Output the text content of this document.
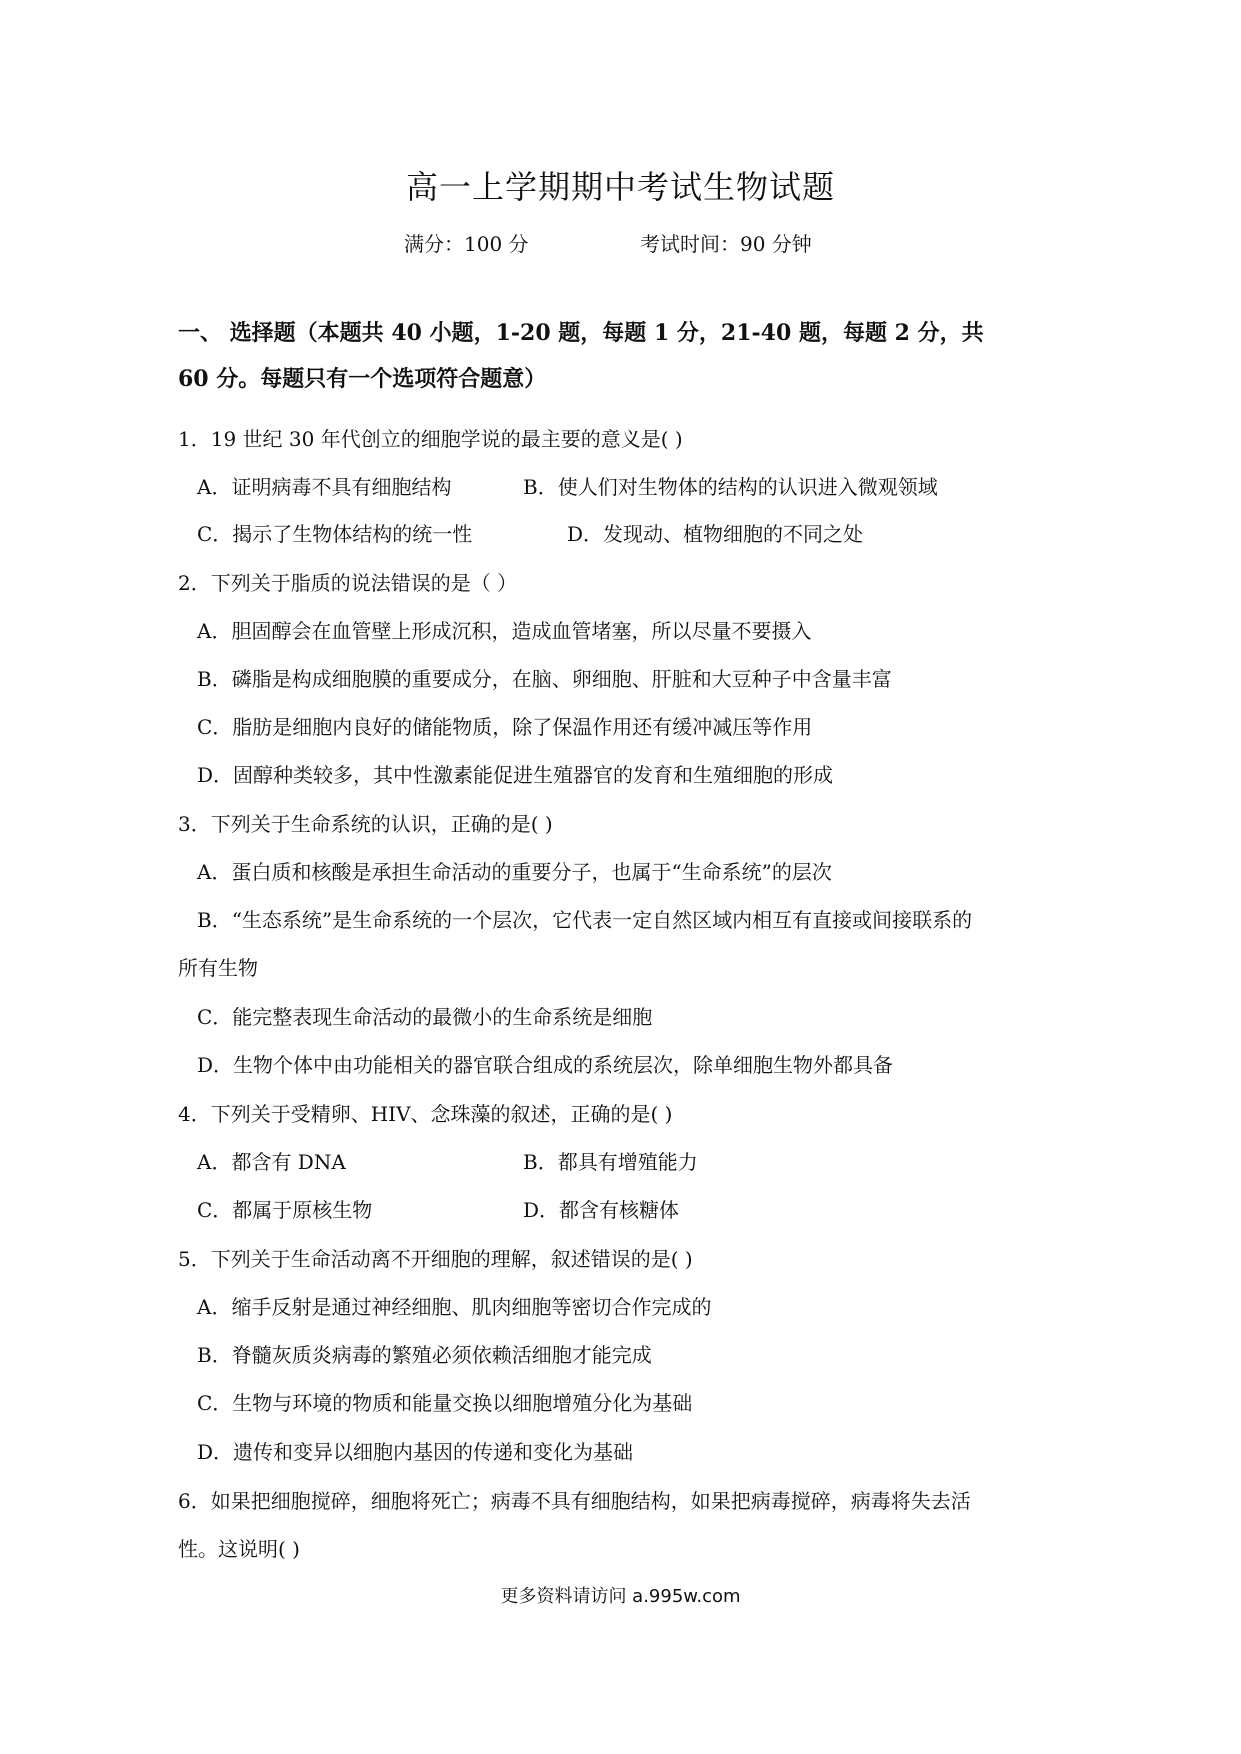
高一上学期期中考试生物试题
满分：100 分	考试时间：90 分钟
一、 选择题（本题共 40 小题，1-20 题，每题 1 分，21-40 题，每题 2 分，共
60 分。每题只有一个选项符合题意）
1．19 世纪 30 年代创立的细胞学说的最主要的意义是( )
A．证明病毒不具有细胞结构	B．使人们对生物体的结构的认识进入微观领域
C．揭示了生物体结构的统一性	D．发现动、植物细胞的不同之处
2．下列关于脂质的说法错误的是（ ）
A．胆固醇会在血管壁上形成沉积，造成血管堵塞，所以尽量不要摄入
B．磷脂是构成细胞膜的重要成分，在脑、卵细胞、肝脏和大豆种子中含量丰富
C．脂肪是细胞内良好的储能物质，除了保温作用还有缓冲减压等作用
D．固醇种类较多，其中性激素能促进生殖器官的发育和生殖细胞的形成
3．下列关于生命系统的认识，正确的是( )
A．蛋白质和核酸是承担生命活动的重要分子，也属于“生命系统”的层次
B．“生态系统”是生命系统的一个层次，它代表一定自然区域内相互有直接或间接联系的
所有生物
C．能完整表现生命活动的最微小的生命系统是细胞
D．生物个体中由功能相关的器官联合组成的系统层次，除单细胞生物外都具备
4．下列关于受精卵、HIV、念珠藻的叙述，正确的是( )
A．都含有 DNA	B．都具有增殖能力
C．都属于原核生物	D．都含有核糖体
5．下列关于生命活动离不开细胞的理解，叙述错误的是( )
A．缩手反射是通过神经细胞、肌肉细胞等密切合作完成的
B．脊髓灰质炎病毒的繁殖必须依赖活细胞才能完成
C．生物与环境的物质和能量交换以细胞增殖分化为基础
D．遗传和变异以细胞内基因的传递和变化为基础
6．如果把细胞搅碎，细胞将死亡；病毒不具有细胞结构，如果把病毒搅碎，病毒将失去活
性。这说明( )
更多资料请访问 a.995w.com
